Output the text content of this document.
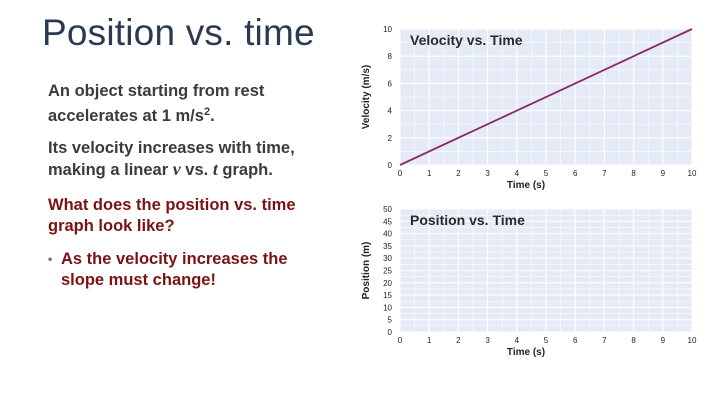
Position vs. time
An object starting from rest accelerates at 1 $m/s^2$.
Its velocity increases with time, making a linear v vs. t graph.
What does the position vs. time graph look like?
• As the velocity increases the slope must change!
0	1	2	3	4	5	6	7	8	9	10
0
2
4
6
8
10
Time (s)
Velocity (m/s)
Velocity vs. Time
0	1	2	3	4	5	6	7	8	9	10
0
5
10
15
20
25
30
35
40
45
50
Time (s)
Position (m)
Position vs. Time
